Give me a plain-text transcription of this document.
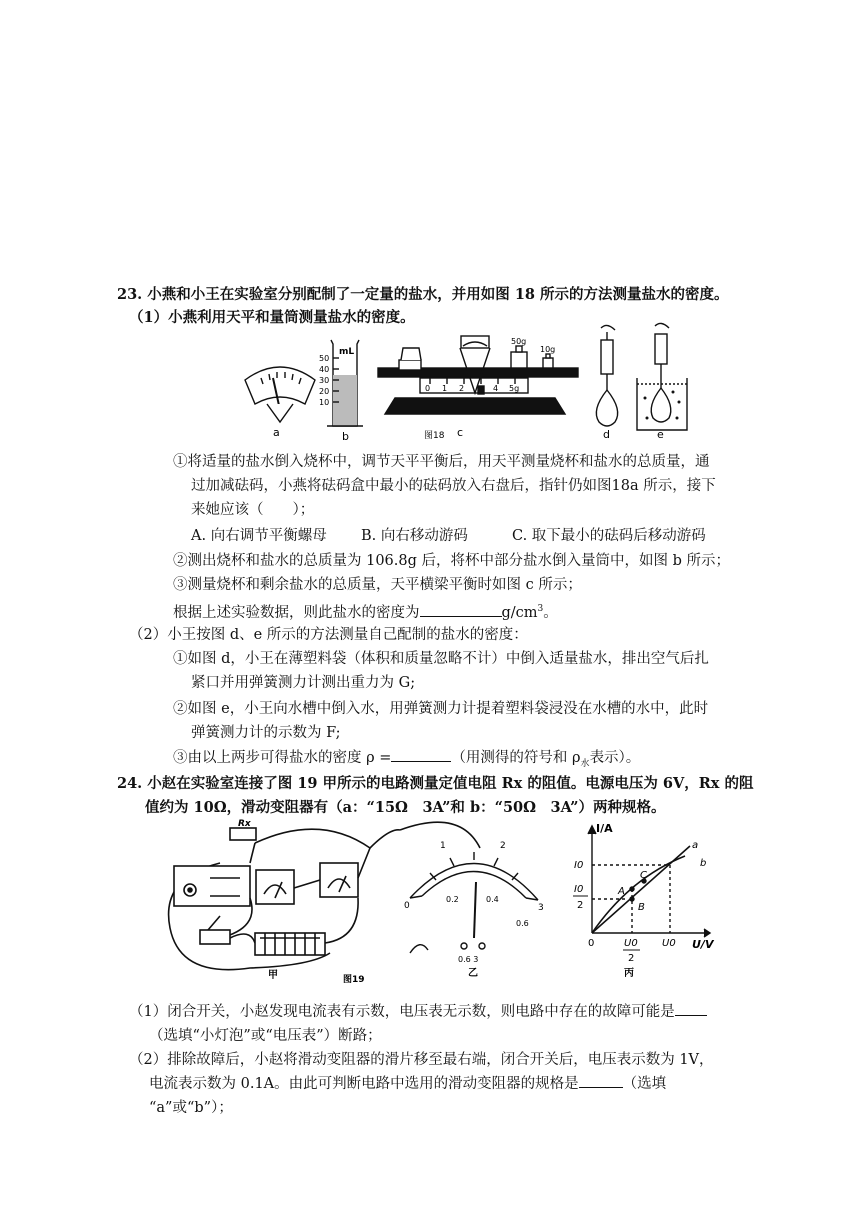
23. 小燕和小王在实验室分别配制了一定量的盐水，并用如图 18 所示的方法测量盐水的密度。
（1）小燕利用天平和量筒测量盐水的密度。
a
mL
50
40
30
20
10
b
0 1 2	4 5g
50g
10g
图18 c	d	e
①将适量的盐水倒入烧杯中，调节天平平衡后，用天平测量烧杯和盐水的总质量，通
过加减砝码，小燕将砝码盒中最小的砝码放入右盘后，指针仍如图18a 所示，接下
来她应该（　　）；
A. 向右调节平衡螺母 B. 向右移动游码	C. 取下最小的砝码后移动游码
②测出烧杯和盐水的总质量为 106.8g 后，将杯中部分盐水倒入量筒中，如图 b 所示；
③测量烧杯和剩余盐水的总质量，天平横梁平衡时如图 c 所示；
根据上述实验数据，则此盐水的密度为	$g/cm^3$。
（2）小王按图 d、e 所示的方法测量自己配制的盐水的密度：
①如图 d，小王在薄塑料袋（体积和质量忽略不计）中倒入适量盐水，排出空气后扎
紧口并用弹簧测力计测出重力为 G;
②如图 e，小王向水槽中倒入水，用弹簧测力计提着塑料袋浸没在水槽的水中，此时
弹簧测力计的示数为 F;
③由以上两步可得盐水的密度 ρ =	（用测得的符号和 $\rho_水$表示）。
24. 小赵在实验室连接了图 19 甲所示的电路测量定值电阻 Rx 的阻值。电源电压为 6V，Rx 的阻
值约为 10Ω，滑动变阻器有（a：“15Ω　3A”和 b：“50Ω　3A”）两种规格。
Rx
甲	图19
0
1	2
3
0.2	0.4
0.6
0.6 3
乙
I/A
U/V
0
I0
I0
2
U0
U0
2
A
B
C
a
b
丙
（1）闭合开关，小赵发现电流表有示数，电压表无示数，则电路中存在的故障可能是
（选填“小灯泡”或“电压表”）断路；
（2）排除故障后，小赵将滑动变阻器的滑片移至最右端，闭合开关后，电压表示数为 1V，
电流表示数为 0.1A。由此可判断电路中选用的滑动变阻器的规格是	（选填
“a”或“b”）；
